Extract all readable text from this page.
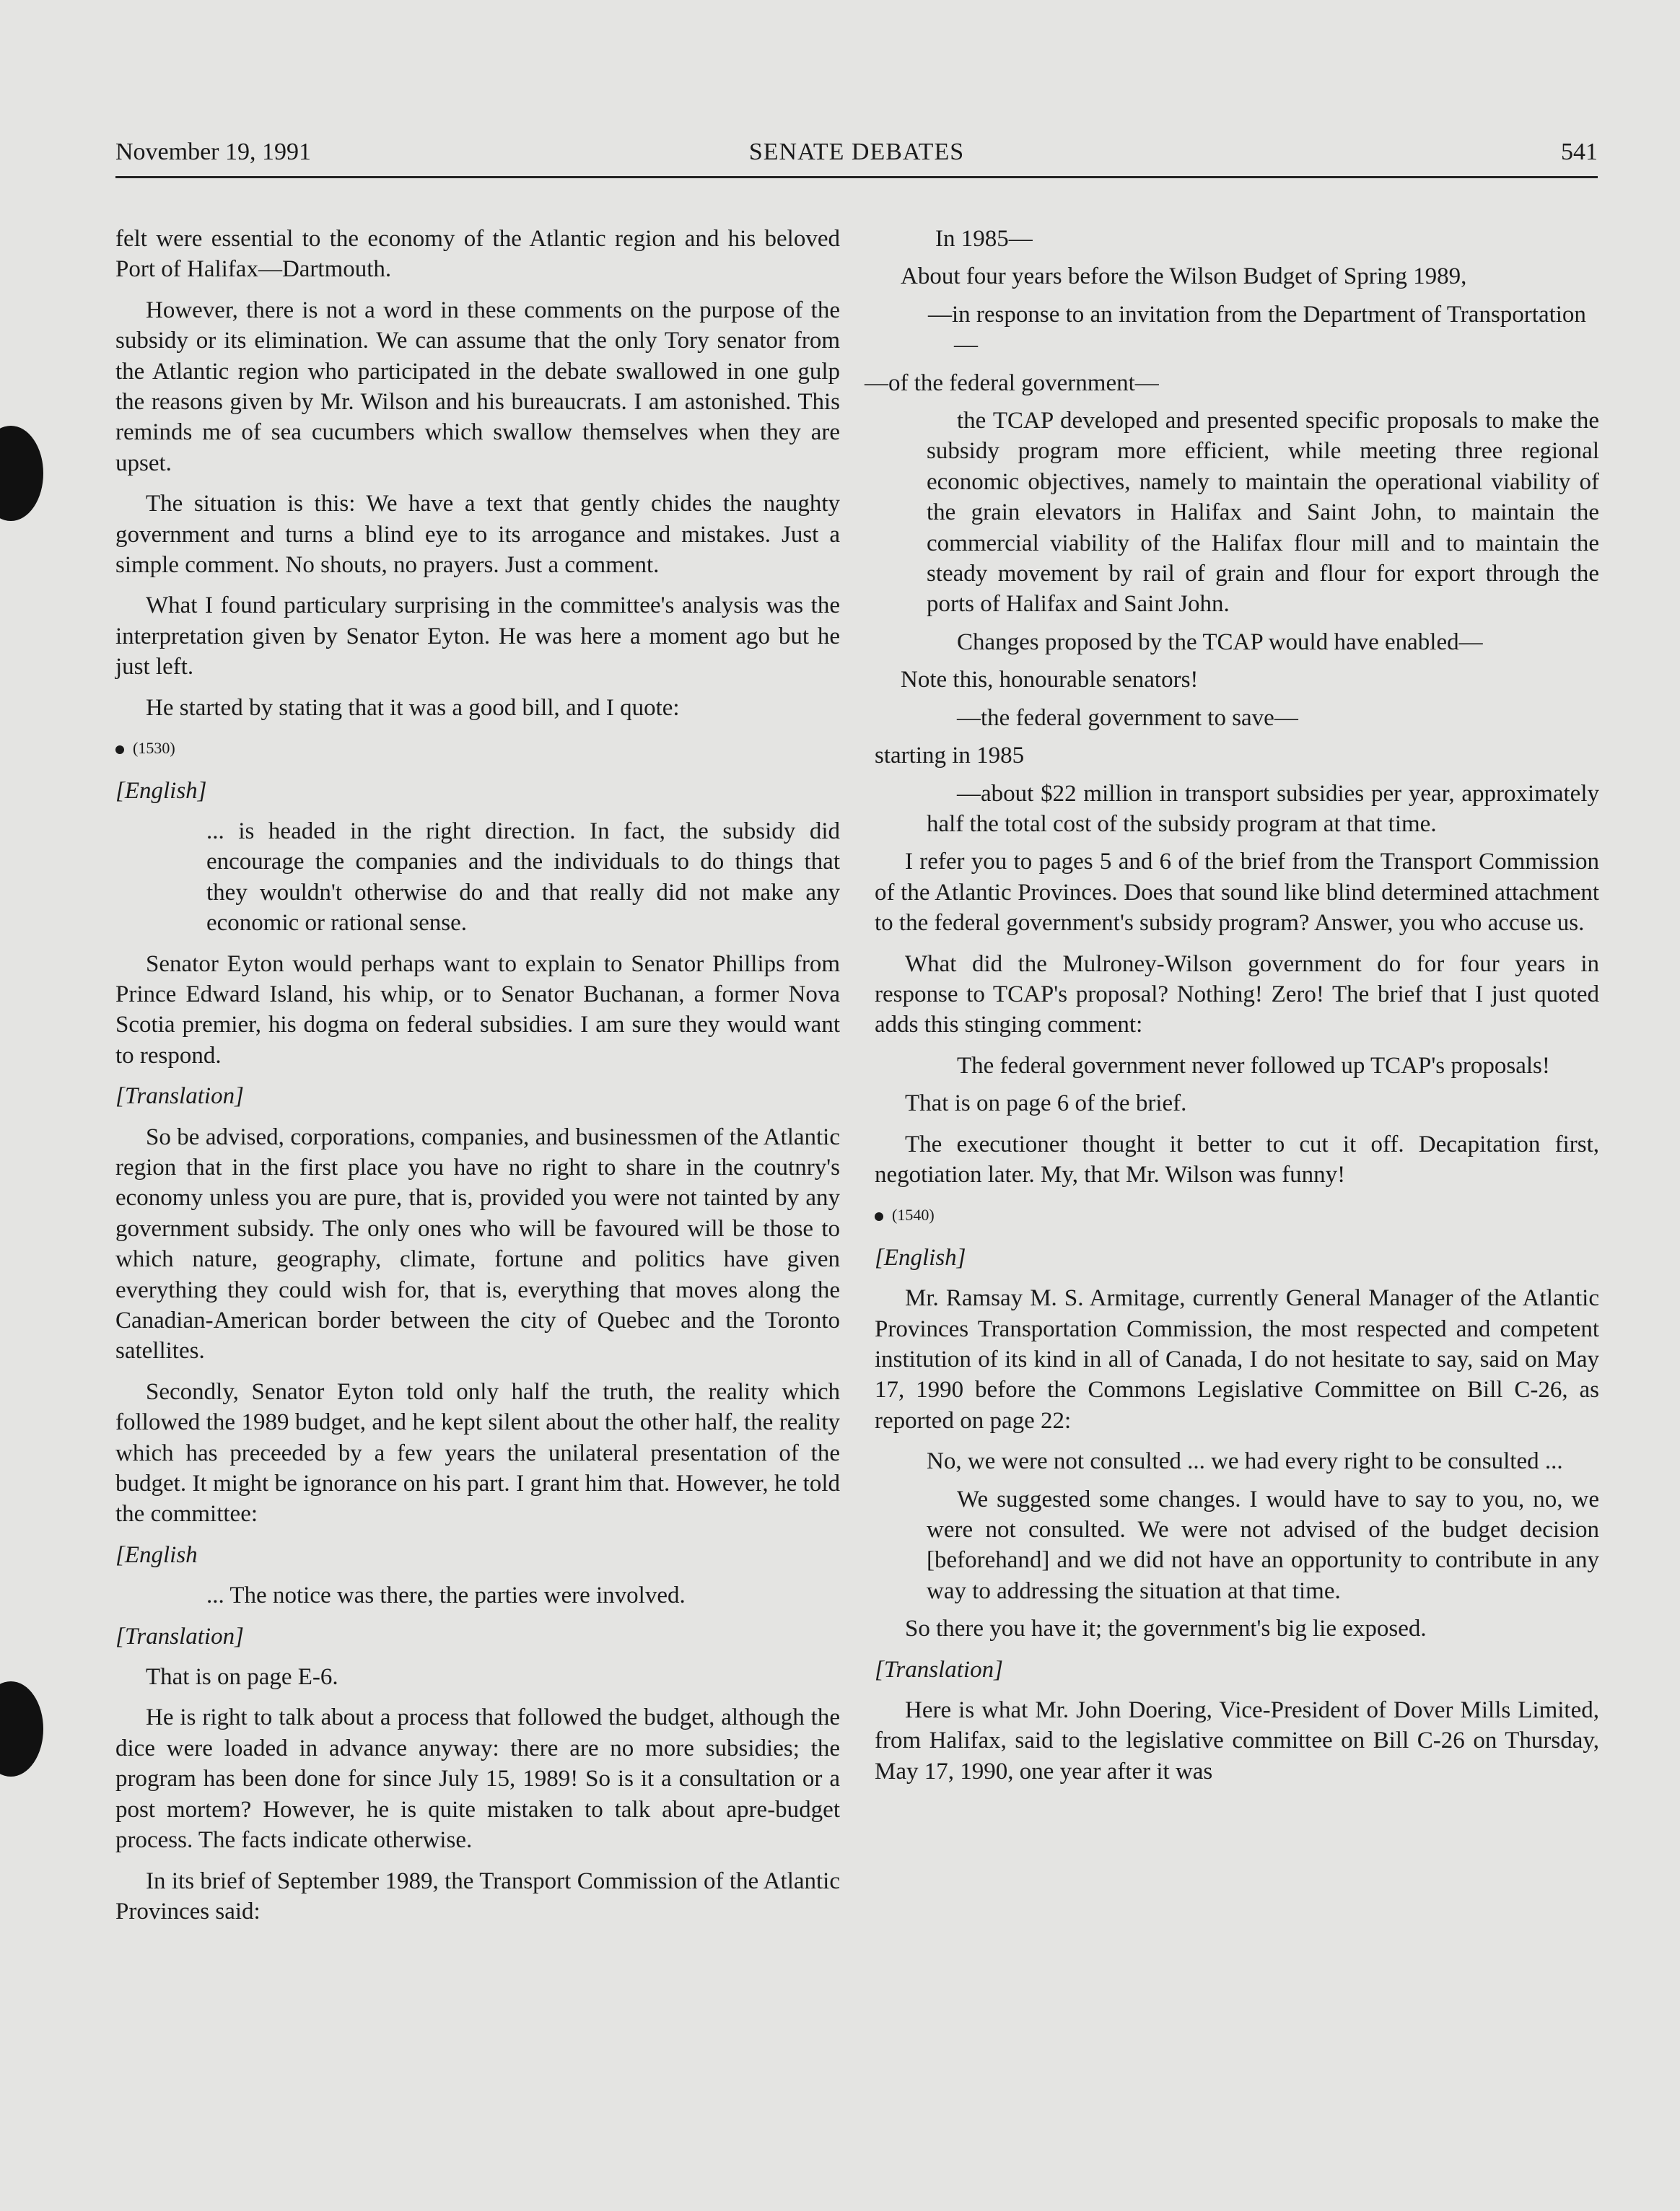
November 19, 1991	SENATE DEBATES	541

felt were essential to the economy of the Atlantic region and his beloved Port of Halifax—Dartmouth.

However, there is not a word in these comments on the purpose of the subsidy or its elimination. We can assume that the only Tory senator from the Atlantic region who participated in the debate swallowed in one gulp the reasons given by Mr. Wilson and his bureaucrats. I am astonished. This reminds me of sea cucumbers which swallow themselves when they are upset.

The situation is this: We have a text that gently chides the naughty government and turns a blind eye to its arrogance and mistakes. Just a simple comment. No shouts, no prayers. Just a comment.

What I found particulary surprising in the committee's analysis was the interpretation given by Senator Eyton. He was here a moment ago but he just left.

He started by stating that it was a good bill, and I quote:

(1530)
[English]
... is headed in the right direction. In fact, the subsidy did encourage the companies and the individuals to do things that they wouldn't otherwise do and that really did not make any economic or rational sense.

Senator Eyton would perhaps want to explain to Senator Phillips from Prince Edward Island, his whip, or to Senator Buchanan, a former Nova Scotia premier, his dogma on federal subsidies. I am sure they would want to respond.

[Translation]

So be advised, corporations, companies, and businessmen of the Atlantic region that in the first place you have no right to share in the coutnry's economy unless you are pure, that is, provided you were not tainted by any government subsidy. The only ones who will be favoured will be those to which nature, geography, climate, fortune and politics have given everything they could wish for, that is, everything that moves along the Canadian-American border between the city of Quebec and the Toronto satellites.

Secondly, Senator Eyton told only half the truth, the reality which followed the 1989 budget, and he kept silent about the other half, the reality which has preceeded by a few years the unilateral presentation of the budget. It might be ignorance on his part. I grant him that. However, he told the committee:

[English
... The notice was there, the parties were involved.
[Translation]

That is on page E-6.

He is right to talk about a process that followed the budget, although the dice were loaded in advance anyway: there are no more subsidies; the program has been done for since July 15, 1989! So is it a consultation or a post mortem? However, he is quite mistaken to talk about apre-budget process. The facts indicate otherwise.

In its brief of September 1989, the Transport Commission of the Atlantic Provinces said:

In 1985—
About four years before the Wilson Budget of Spring 1989,
—in response to an invitation from the Department of Transportation—
—of the federal government—
the TCAP developed and presented specific proposals to make the subsidy program more efficient, while meeting three regional economic objectives, namely to maintain the operational viability of the grain elevators in Halifax and Saint John, to maintain the commercial viability of the Halifax flour mill and to maintain the steady movement by rail of grain and flour for export through the ports of Halifax and Saint John.
Changes proposed by the TCAP would have enabled—
Note this, honourable senators!
—the federal government to save—
starting in 1985
—about $22 million in transport subsidies per year, approximately half the total cost of the subsidy program at that time.

I refer you to pages 5 and 6 of the brief from the Transport Commission of the Atlantic Provinces. Does that sound like blind determined attachment to the federal government's subsidy program? Answer, you who accuse us.

What did the Mulroney-Wilson government do for four years in response to TCAP's proposal? Nothing! Zero! The brief that I just quoted adds this stinging comment:

The federal government never followed up TCAP's proposals!

That is on page 6 of the brief.

The executioner thought it better to cut it off. Decapitation first, negotiation later. My, that Mr. Wilson was funny!

(1540)
[English]

Mr. Ramsay M. S. Armitage, currently General Manager of the Atlantic Provinces Transportation Commission, the most respected and competent institution of its kind in all of Canada, I do not hesitate to say, said on May 17, 1990 before the Commons Legislative Committee on Bill C-26, as reported on page 22:

No, we were not consulted ... we had every right to be consulted ...
We suggested some changes. I would have to say to you, no, we were not consulted. We were not advised of the budget decision [beforehand] and we did not have an opportunity to contribute in any way to addressing the situation at that time.

So there you have it; the government's big lie exposed.

[Translation]

Here is what Mr. John Doering, Vice-President of Dover Mills Limited, from Halifax, said to the legislative committee on Bill C-26 on Thursday, May 17, 1990, one year after it was
